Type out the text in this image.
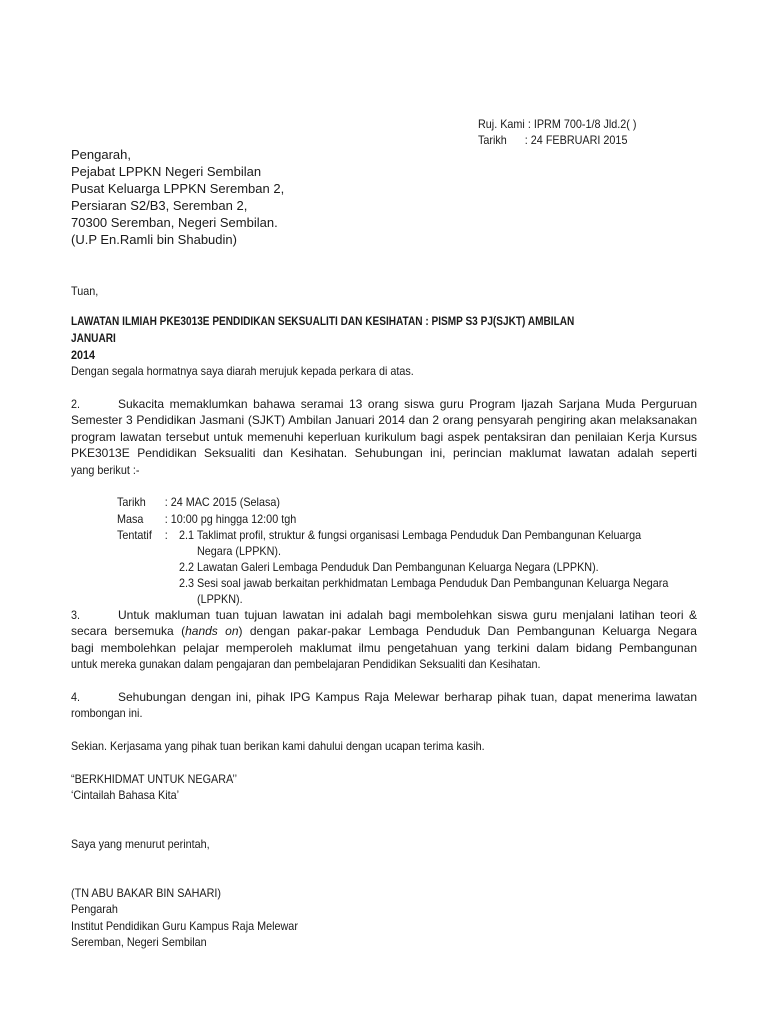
Ruj. Kami : IPRM 700-1/8 Jld.2( )
Tarikh : 24 FEBRUARI 2015
Pengarah,
Pejabat LPPKN Negeri Sembilan
Pusat Keluarga LPPKN Seremban 2,
Persiaran S2/B3, Seremban 2,
70300 Seremban, Negeri Sembilan.
(U.P En.Ramli bin Shabudin)
Tuan,
LAWATAN ILMIAH PKE3013E PENDIDIKAN SEKSUALITI DAN KESIHATAN : PISMP S3 PJ(SJKT) AMBILAN JANUARI
2014
Dengan segala hormatnya saya diarah merujuk kepada perkara di atas.
2.	Sukacita memaklumkan bahawa seramai 13 orang siswa guru Program Ijazah Sarjana Muda Perguruan
Semester 3 Pendidikan Jasmani (SJKT) Ambilan Januari 2014 dan 2 orang pensyarah pengiring akan melaksanakan
program lawatan tersebut untuk memenuhi keperluan kurikulum bagi aspek pentaksiran dan penilaian Kerja Kursus
PKE3013E Pendidikan Seksualiti dan Kesihatan. Sehubungan ini, perincian maklumat lawatan adalah seperti
yang berikut :-
Tarikh : 24 MAC 2015 (Selasa)
Masa : 10:00 pg hingga 12:00 tgh
Tentatif : 2.1 Taklimat profil, struktur & fungsi organisasi Lembaga Penduduk Dan Pembangunan Keluarga
Negara (LPPKN).
2.2 Lawatan Galeri Lembaga Penduduk Dan Pembangunan Keluarga Negara (LPPKN).
2.3 Sesi soal jawab berkaitan perkhidmatan Lembaga Penduduk Dan Pembangunan Keluarga Negara
(LPPKN).
3.	Untuk makluman tuan tujuan lawatan ini adalah bagi membolehkan siswa guru menjalani latihan teori &
secara bersemuka (hands on) dengan pakar-pakar Lembaga Penduduk Dan Pembangunan Keluarga Negara
bagi membolehkan pelajar memperoleh maklumat ilmu pengetahuan yang terkini dalam bidang Pembangunan
untuk mereka gunakan dalam pengajaran dan pembelajaran Pendidikan Seksualiti dan Kesihatan.
4.	Sehubungan dengan ini, pihak IPG Kampus Raja Melewar berharap pihak tuan, dapat menerima lawatan
rombongan ini.
Sekian. Kerjasama yang pihak tuan berikan kami dahului dengan ucapan terima kasih.
“BERKHIDMAT UNTUK NEGARA’’
‘Cintailah Bahasa Kita’
Saya yang menurut perintah,
(TN ABU BAKAR BIN SAHARI)
Pengarah
Institut Pendidikan Guru Kampus Raja Melewar
Seremban, Negeri Sembilan
